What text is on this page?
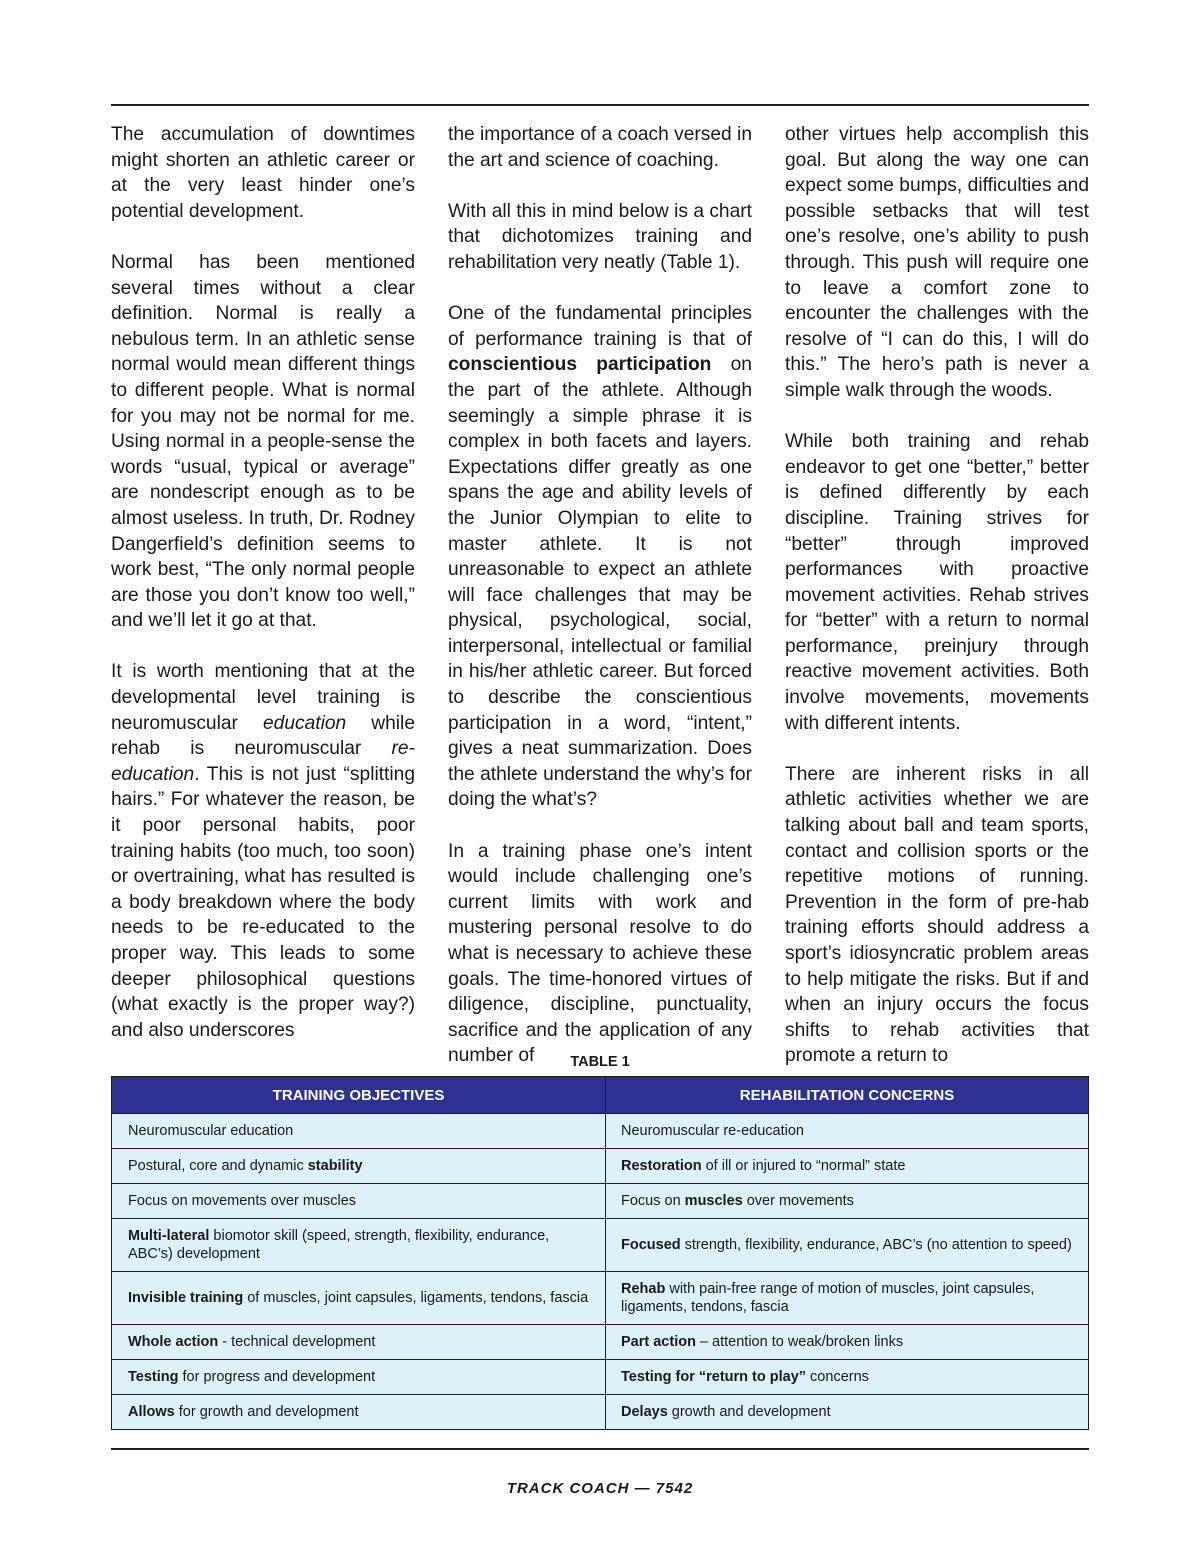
The accumulation of downtimes might shorten an athletic career or at the very least hinder one’s potential development.

Normal has been mentioned several times without a clear definition. Normal is really a nebulous term. In an athletic sense normal would mean different things to different people. What is normal for you may not be normal for me. Using normal in a people-sense the words “usual, typical or average” are nondescript enough as to be almost useless. In truth, Dr. Rodney Dangerfield’s definition seems to work best, “The only normal people are those you don’t know too well,” and we’ll let it go at that.

It is worth mentioning that at the developmental level training is neuromuscular education while rehab is neuromuscular re-education. This is not just “splitting hairs.” For whatever the reason, be it poor personal habits, poor training habits (too much, too soon) or overtraining, what has resulted is a body breakdown where the body needs to be re-educated to the proper way. This leads to some deeper philosophical questions (what exactly is the proper way?) and also underscores

the importance of a coach versed in the art and science of coaching.

With all this in mind below is a chart that dichotomizes training and rehabilitation very neatly (Table 1).

One of the fundamental principles of performance training is that of conscientious participation on the part of the athlete. Although seemingly a simple phrase it is complex in both facets and layers. Expectations differ greatly as one spans the age and ability levels of the Junior Olympian to elite to master athlete. It is not unreasonable to expect an athlete will face challenges that may be physical, psychological, social, interpersonal, intellectual or familial in his/her athletic career. But forced to describe the conscientious participation in a word, “intent,” gives a neat summarization. Does the athlete understand the why’s for doing the what’s?

In a training phase one’s intent would include challenging one’s current limits with work and mustering personal resolve to do what is necessary to achieve these goals. The time-honored virtues of diligence, discipline, punctuality, sacrifice and the application of any number of

other virtues help accomplish this goal. But along the way one can expect some bumps, difficulties and possible setbacks that will test one’s resolve, one’s ability to push through. This push will require one to leave a comfort zone to encounter the challenges with the resolve of “I can do this, I will do this.” The hero’s path is never a simple walk through the woods.

While both training and rehab endeavor to get one “better,” better is defined differently by each discipline. Training strives for “better” through improved performances with proactive movement activities. Rehab strives for “better” with a return to normal performance, preinjury through reactive movement activities. Both involve movements, movements with different intents.

There are inherent risks in all athletic activities whether we are talking about ball and team sports, contact and collision sports or the repetitive motions of running. Prevention in the form of pre-hab training efforts should address a sport’s idiosyncratic problem areas to help mitigate the risks. But if and when an injury occurs the focus shifts to rehab activities that promote a return to

TABLE 1
TRAINING OBJECTIVES	REHABILITATION CONCERNS
Neuromuscular education	Neuromuscular re-education
Postural, core and dynamic stability	Restoration of ill or injured to “normal” state
Focus on movements over muscles	Focus on muscles over movements
Multi-lateral biomotor skill (speed, strength, flexibility, endurance, ABC’s) development	Focused strength, flexibility, endurance, ABC’s (no attention to speed)
Invisible training of muscles, joint capsules, ligaments, tendons, fascia	Rehab with pain-free range of motion of muscles, joint capsules, ligaments, tendons, fascia
Whole action - technical development	Part action – attention to weak/broken links
Testing for progress and development	Testing for “return to play” concerns
Allows for growth and development	Delays growth and development
TRACK COACH — 7542
